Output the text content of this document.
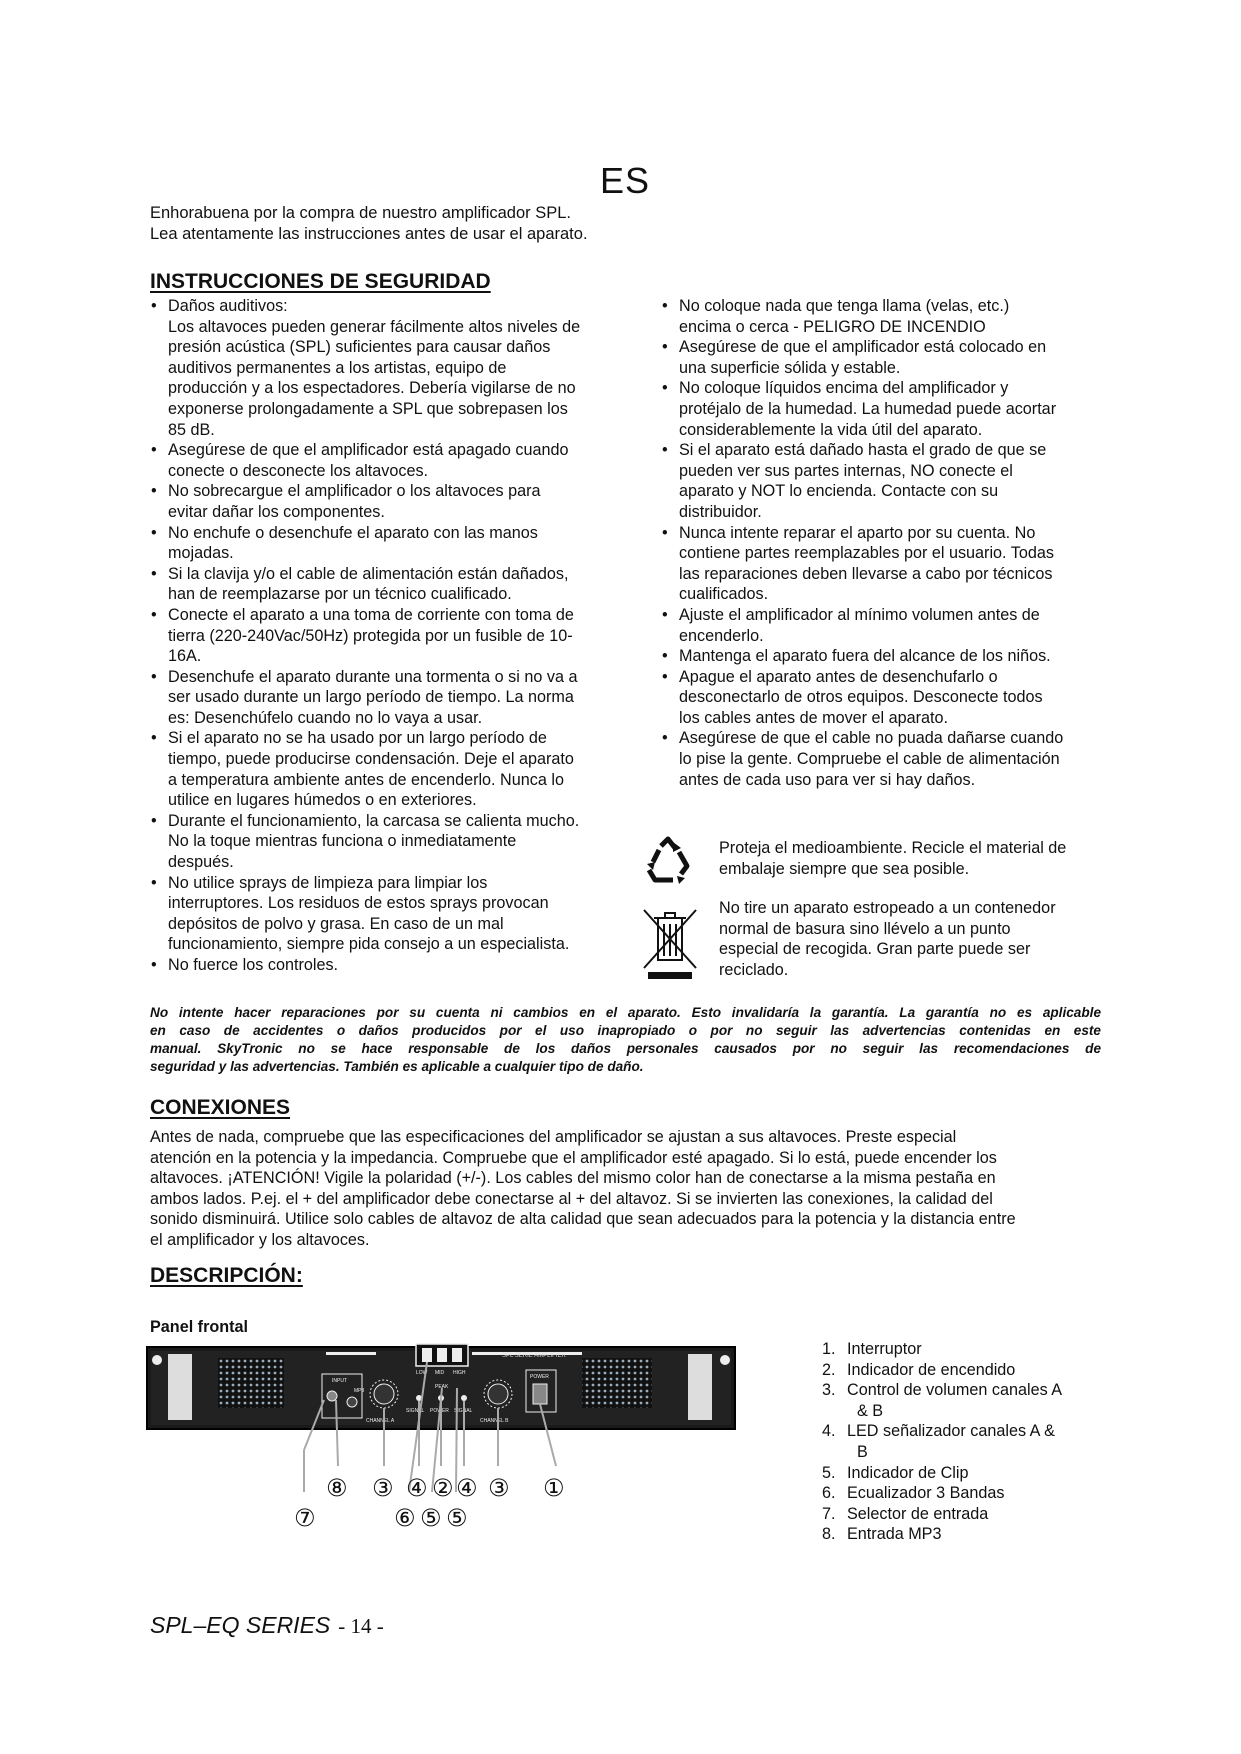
ES
Enhorabuena por la compra de nuestro amplificador SPL.
Lea atentamente las instrucciones antes de usar el aparato.
INSTRUCCIONES DE SEGURIDAD
• Daños auditivos:
Los altavoces pueden generar fácilmente altos niveles de
presión acústica (SPL) suficientes para causar daños
auditivos permanentes a los artistas, equipo de
producción y a los espectadores. Debería vigilarse de no
exponerse prolongadamente a SPL que sobrepasen los
85 dB.
• Asegúrese de que el amplificador está apagado cuando
conecte o desconecte los altavoces.
• No sobrecargue el amplificador o los altavoces para
evitar dañar los componentes.
• No enchufe o desenchufe el aparato con las manos
mojadas.
• Si la clavija y/o el cable de alimentación están dañados,
han de reemplazarse por un técnico cualificado.
• Conecte el aparato a una toma de corriente con toma de
tierra (220-240Vac/50Hz) protegida por un fusible de 10-
16A.
• Desenchufe el aparato durante una tormenta o si no va a
ser usado durante un largo período de tiempo. La norma
es: Desenchúfelo cuando no lo vaya a usar.
• Si el aparato no se ha usado por un largo período de
tiempo, puede producirse condensación. Deje el aparato
a temperatura ambiente antes de encenderlo. Nunca lo
utilice en lugares húmedos o en exteriores.
• Durante el funcionamiento, la carcasa se calienta mucho.
No la toque mientras funciona o inmediatamente
después.
• No utilice sprays de limpieza para limpiar los
interruptores. Los residuos de estos sprays provocan
depósitos de polvo y grasa. En caso de un mal
funcionamiento, siempre pida consejo a un especialista.
• No fuerce los controles.
• No coloque nada que tenga llama (velas, etc.)
encima o cerca - PELIGRO DE INCENDIO
• Asegúrese de que el amplificador está colocado en
una superficie sólida y estable.
• No coloque líquidos encima del amplificador y
protéjalo de la humedad. La humedad puede acortar
considerablemente la vida útil del aparato.
• Si el aparato está dañado hasta el grado de que se
pueden ver sus partes internas, NO conecte el
aparato y NOT lo encienda. Contacte con su
distribuidor.
• Nunca intente reparar el aparto por su cuenta. No
contiene partes reemplazables por el usuario. Todas
las reparaciones deben llevarse a cabo por técnicos
cualificados.
• Ajuste el amplificador al mínimo volumen antes de
encenderlo.
• Mantenga el aparato fuera del alcance de los niños.
• Apague el aparato antes de desenchufarlo o
desconectarlo de otros equipos. Desconecte todos
los cables antes de mover el aparato.
• Asegúrese de que el cable no puada dañarse cuando
lo pise la gente. Compruebe el cable de alimentación
antes de cada uso para ver si hay daños.
Proteja el medioambiente. Recicle el material de
embalaje siempre que sea posible.
No tire un aparato estropeado a un contenedor
normal de basura sino llévelo a un punto
especial de recogida. Gran parte puede ser
reciclado.
No intente hacer reparaciones por su cuenta ni cambios en el aparato. Esto invalidaría la garantía. La garantía no es aplicable
en caso de accidentes o daños producidos por el uso inapropiado o por no seguir las advertencias contenidas en este
manual. SkyTronic no se hace responsable de los daños personales causados por no seguir las recomendaciones de
seguridad y las advertencias. También es aplicable a cualquier tipo de daño.
CONEXIONES
Antes de nada, compruebe que las especificaciones del amplificador se ajustan a sus altavoces. Preste especial
atención en la potencia y la impedancia. Compruebe que el amplificador esté apagado. Si lo está, puede encender los
altavoces. ¡ATENCIÓN! Vigile la polaridad (+/-). Los cables del mismo color han de conectarse a la misma pestaña en
ambos lados. P.ej. el + del amplificador debe conectarse al + del altavoz. Si se invierten las conexiones, la calidad del
sonido disminuirá. Utilice solo cables de altavoz de alta calidad que sean adecuados para la potencia y la distancia entre
el amplificador y los altavoces.
DESCRIPCIÓN:
Panel frontal
SPL SERIE AMPLIFIER
LOW MID HIGH
PEAK
INPUT
MP3
CHANNEL A	CHANNEL B
SIGNAL POWER SIGNAL
POWER
⑧ ③ ④ ② ④ ③ ①
⑦	⑥ ⑤ ⑤
1. Interruptor
2. Indicador de encendido
3. Control de volumen canales A
& B
4. LED señalizador canales A &
B
5. Indicador de Clip
6. Ecualizador 3 Bandas
7. Selector de entrada
8. Entrada MP3
SPL–EQ SERIES - 14 -
